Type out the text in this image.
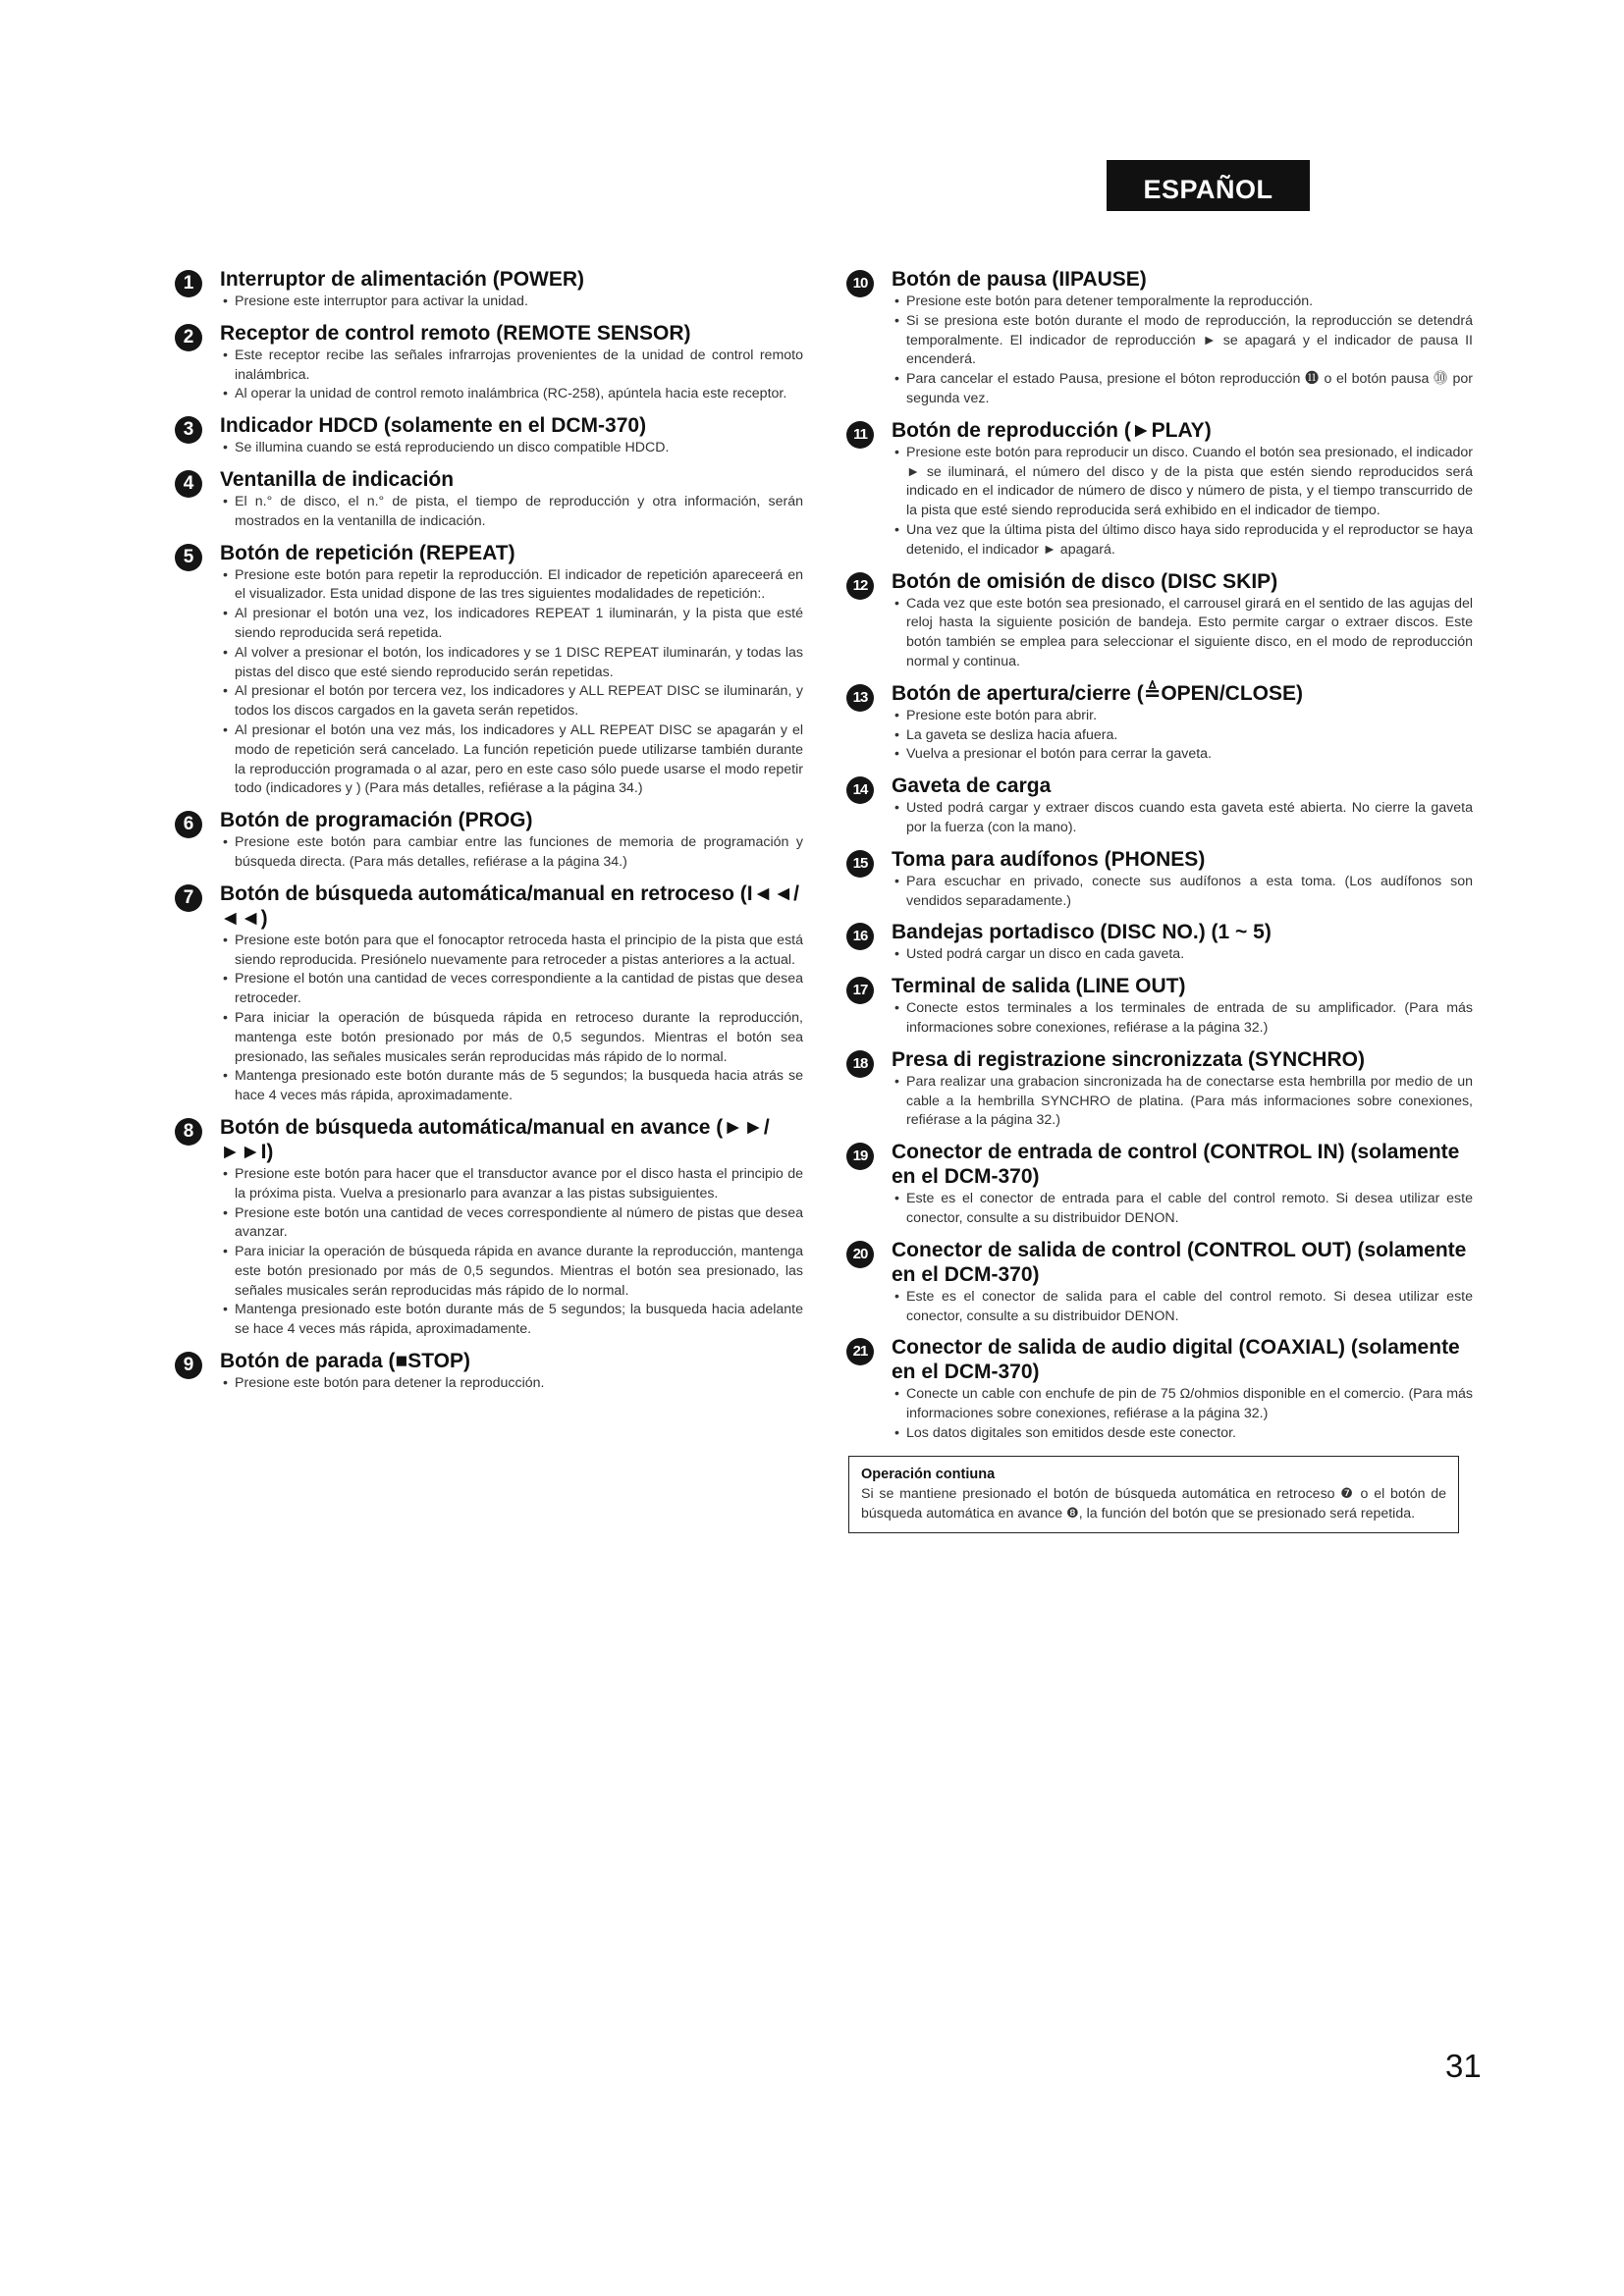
ESPAÑOL
1	Interruptor de alimentación (POWER)
• Presione este interruptor para activar la unidad.
2	Receptor de control remoto (REMOTE SENSOR)
• Este receptor recibe las señales infrarrojas provenientes de la unidad de control remoto inalámbrica.
• Al operar la unidad de control remoto inalámbrica (RC-258), apúntela hacia este receptor.
3	Indicador HDCD (solamente en el DCM-370)
• Se illumina cuando se está reproduciendo un disco compatible HDCD.
4	Ventanilla de indicación
• El n.° de disco, el n.° de pista, el tiempo de reproducción y otra información, serán mostrados en la ventanilla de indicación.
5	Botón de repetición (REPEAT)
• Presione este botón para repetir la reproducción. El indicador de repetición apareceerá en el visualizador. Esta unidad dispone de las tres siguientes modalidades de repetición:.
• Al presionar el botón una vez, los indicadores REPEAT 1 iluminarán, y la pista que esté siendo reproducida será repetida.
• Al volver a presionar el botón, los indicadores y se 1 DISC REPEAT iluminarán, y todas las pistas del disco que esté siendo reproducido serán repetidas.
• Al presionar el botón por tercera vez, los indicadores y ALL REPEAT DISC se iluminarán, y todos los discos cargados en la gaveta serán repetidos.
• Al presionar el botón una vez más, los indicadores y ALL REPEAT DISC se apagarán y el modo de repetición será cancelado. La función repetición puede utilizarse también durante la reproducción programada o al azar, pero en este caso sólo puede usarse el modo repetir todo (indicadores y ) (Para más detalles, refiérase a la página 34.)
6	Botón de programación (PROG)
• Presione este botón para cambiar entre las funciones de memoria de programación y búsqueda directa. (Para más detalles, refiérase a la página 34.)
7	Botón de búsqueda automática/manual en retroceso (I◄◄/◄◄)
• Presione este botón para que el fonocaptor retroceda hasta el principio de la pista que está siendo reproducida. Presiónelo nuevamente para retroceder a pistas anteriores a la actual.
• Presione el botón una cantidad de veces correspondiente a la cantidad de pistas que desea retroceder.
• Para iniciar la operación de búsqueda rápida en retroceso durante la reproducción, mantenga este botón presionado por más de 0,5 segundos. Mientras el botón sea presionado, las señales musicales serán reproducidas más rápido de lo normal.
• Mantenga presionado este botón durante más de 5 segundos; la busqueda hacia atrás se hace 4 veces más rápida, aproximadamente.
8	Botón de búsqueda automática/manual en avance (►►/►►I)
• Presione este botón para hacer que el transductor avance por el disco hasta el principio de la próxima pista. Vuelva a presionarlo para avanzar a las pistas subsiguientes.
• Presione este botón una cantidad de veces correspondiente al número de pistas que desea avanzar.
• Para iniciar la operación de búsqueda rápida en avance durante la reproducción, mantenga este botón presionado por más de 0,5 segundos. Mientras el botón sea presionado, las señales musicales serán reproducidas más rápido de lo normal.
• Mantenga presionado este botón durante más de 5 segundos; la busqueda hacia adelante se hace 4 veces más rápida, aproximadamente.
9	Botón de parada (■STOP)
• Presione este botón para detener la reproducción.
10	Botón de pausa (IIPAUSE)
• Presione este botón para detener temporalmente la reproducción.
• Si se presiona este botón durante el modo de reproducción, la reproducción se detendrá temporalmente. El indicador de reproducción ► se apagará y el indicador de pausa II encenderá.
• Para cancelar el estado Pausa, presione el bóton reproducción ⓫ o el botón pausa ⓾ por segunda vez.
11	Botón de reproducción (►PLAY)
• Presione este botón para reproducir un disco. Cuando el botón sea presionado, el indicador ► se iluminará, el número del disco y de la pista que estén siendo reproducidos será indicado en el indicador de número de disco y número de pista, y el tiempo transcurrido de la pista que esté siendo reproducida será exhibido en el indicador de tiempo.
• Una vez que la última pista del último disco haya sido reproducida y el reproductor se haya detenido, el indicador ► apagará.
12	Botón de omisión de disco (DISC SKIP)
• Cada vez que este botón sea presionado, el carrousel girará en el sentido de las agujas del reloj hasta la siguiente posición de bandeja. Esto permite cargar o extraer discos. Este botón también se emplea para seleccionar el siguiente disco, en el modo de reproducción normal y continua.
13	Botón de apertura/cierre (≜OPEN/CLOSE)
• Presione este botón para abrir.
• La gaveta se desliza hacia afuera.
• Vuelva a presionar el botón para cerrar la gaveta.
14	Gaveta de carga
• Usted podrá cargar y extraer discos cuando esta gaveta esté abierta. No cierre la gaveta por la fuerza (con la mano).
15	Toma para audífonos (PHONES)
• Para escuchar en privado, conecte sus audífonos a esta toma. (Los audífonos son vendidos separadamente.)
16	Bandejas portadisco (DISC NO.) (1 ~ 5)
• Usted podrá cargar un disco en cada gaveta.
17	Terminal de salida (LINE OUT)
• Conecte estos terminales a los terminales de entrada de su amplificador. (Para más informaciones sobre conexiones, refiérase a la página 32.)
18	Presa di registrazione sincronizzata (SYNCHRO)
• Para realizar una grabacion sincronizada ha de conectarse esta hembrilla por medio de un cable a la hembrilla SYNCHRO de platina. (Para más informaciones sobre conexiones, refiérase a la página 32.)
19	Conector de entrada de control (CONTROL IN) (solamente en el DCM-370)
• Este es el conector de entrada para el cable del control remoto. Si desea utilizar este conector, consulte a su distribuidor DENON.
20	Conector de salida de control (CONTROL OUT) (solamente en el DCM-370)
• Este es el conector de salida para el cable del control remoto. Si desea utilizar este conector, consulte a su distribuidor DENON.
21	Conector de salida de audio digital (COAXIAL) (solamente en el DCM-370)
• Conecte un cable con enchufe de pin de 75 Ω/ohmios disponible en el comercio. (Para más informaciones sobre conexiones, refiérase a la página 32.)
• Los datos digitales son emitidos desde este conector.
Operación contiuna
Si se mantiene presionado el botón de búsqueda automática en retroceso ❼ o el botón de búsqueda automática en avance ❽, la función del botón que se presionado será repetida.
31
